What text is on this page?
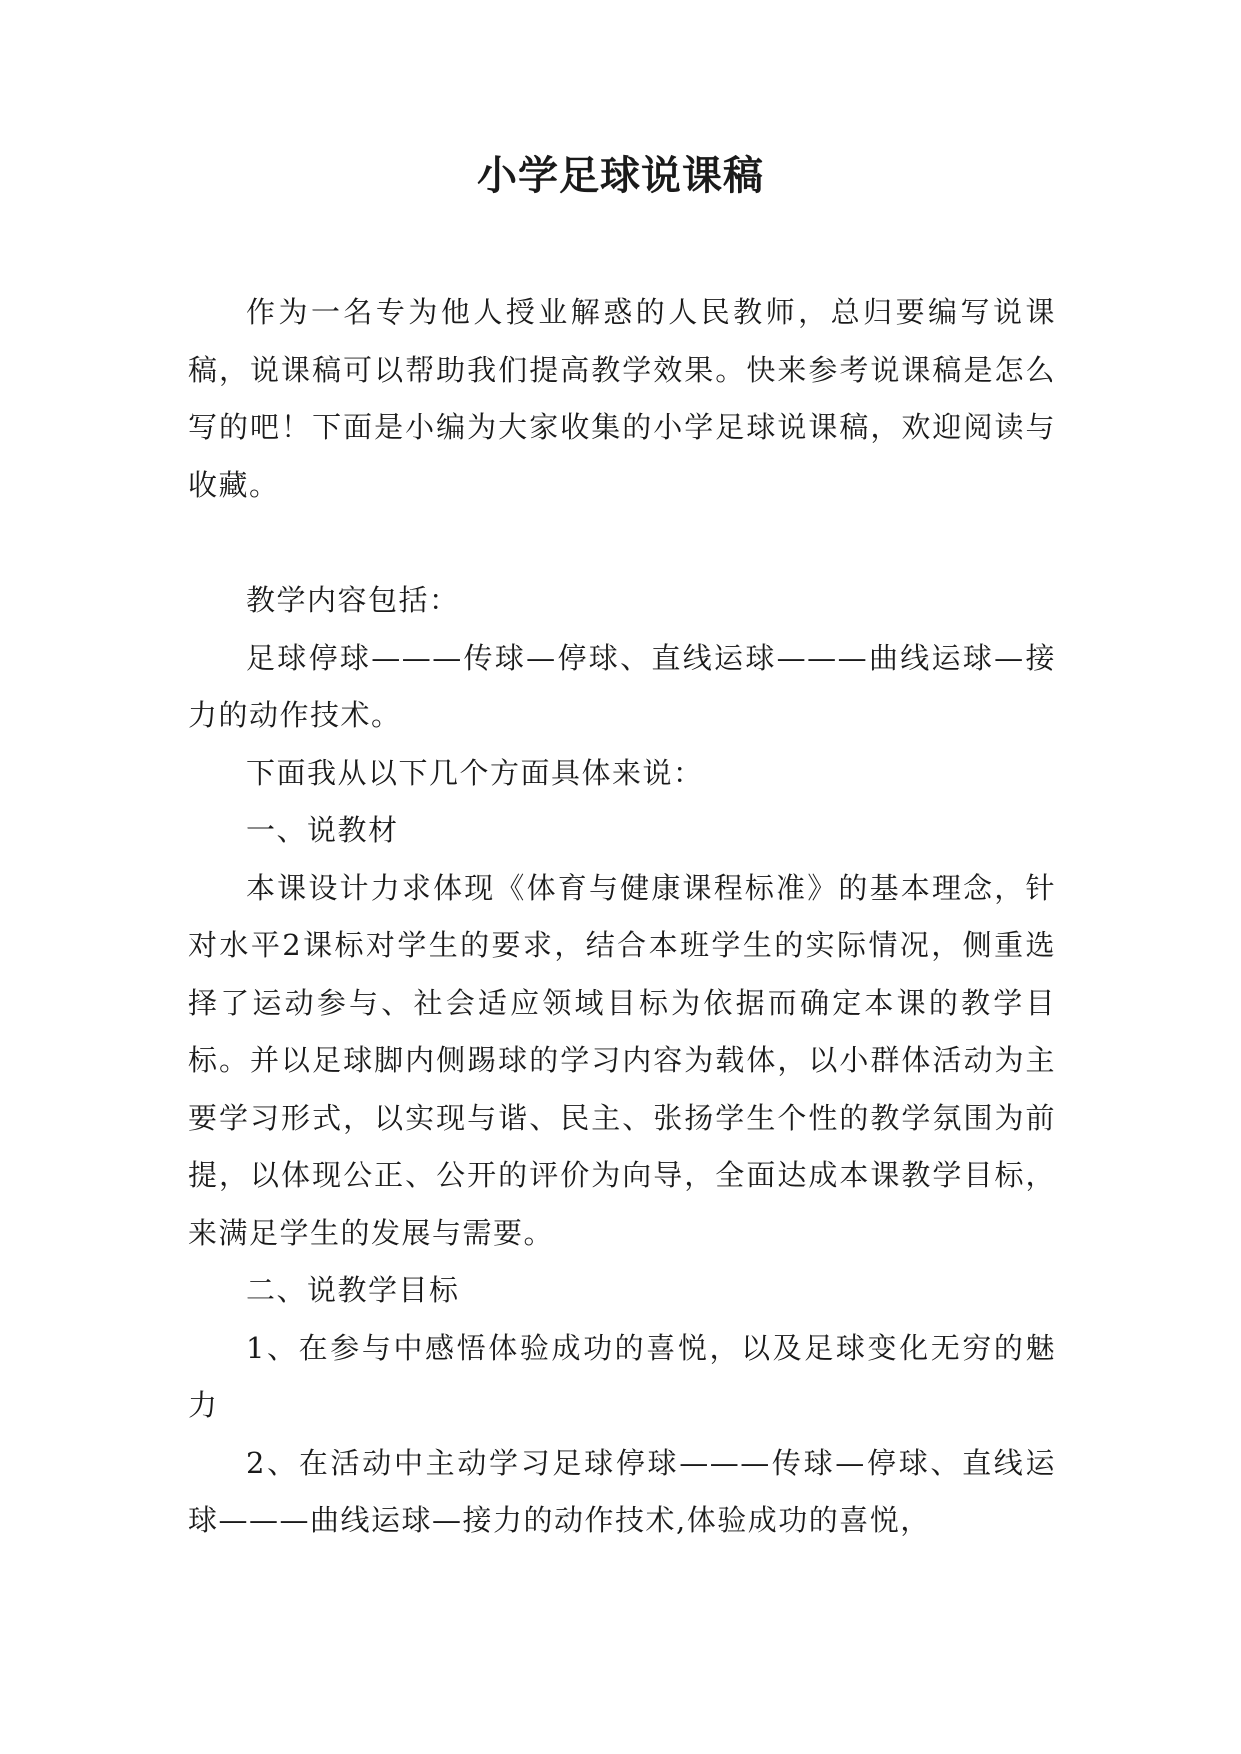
小学足球说课稿

作为一名专为他人授业解惑的人民教师，总归要编写说课稿，说课稿可以帮助我们提高教学效果。快来参考说课稿是怎么写的吧！下面是小编为大家收集的小学足球说课稿，欢迎阅读与收藏。

教学内容包括：

足球停球———传球—停球、直线运球———曲线运球—接力的动作技术。

下面我从以下几个方面具体来说：

一、说教材

本课设计力求体现《体育与健康课程标准》的基本理念，针对水平2课标对学生的要求，结合本班学生的实际情况，侧重选择了运动参与、社会适应领域目标为依据而确定本课的教学目标。并以足球脚内侧踢球的学习内容为载体，以小群体活动为主要学习形式，以实现与谐、民主、张扬学生个性的教学氛围为前提，以体现公正、公开的评价为向导，全面达成本课教学目标，来满足学生的发展与需要。

二、说教学目标

1、在参与中感悟体验成功的喜悦，以及足球变化无穷的魅力

2、在活动中主动学习足球停球———传球—停球、直线运球———曲线运球—接力的动作技术,体验成功的喜悦，
